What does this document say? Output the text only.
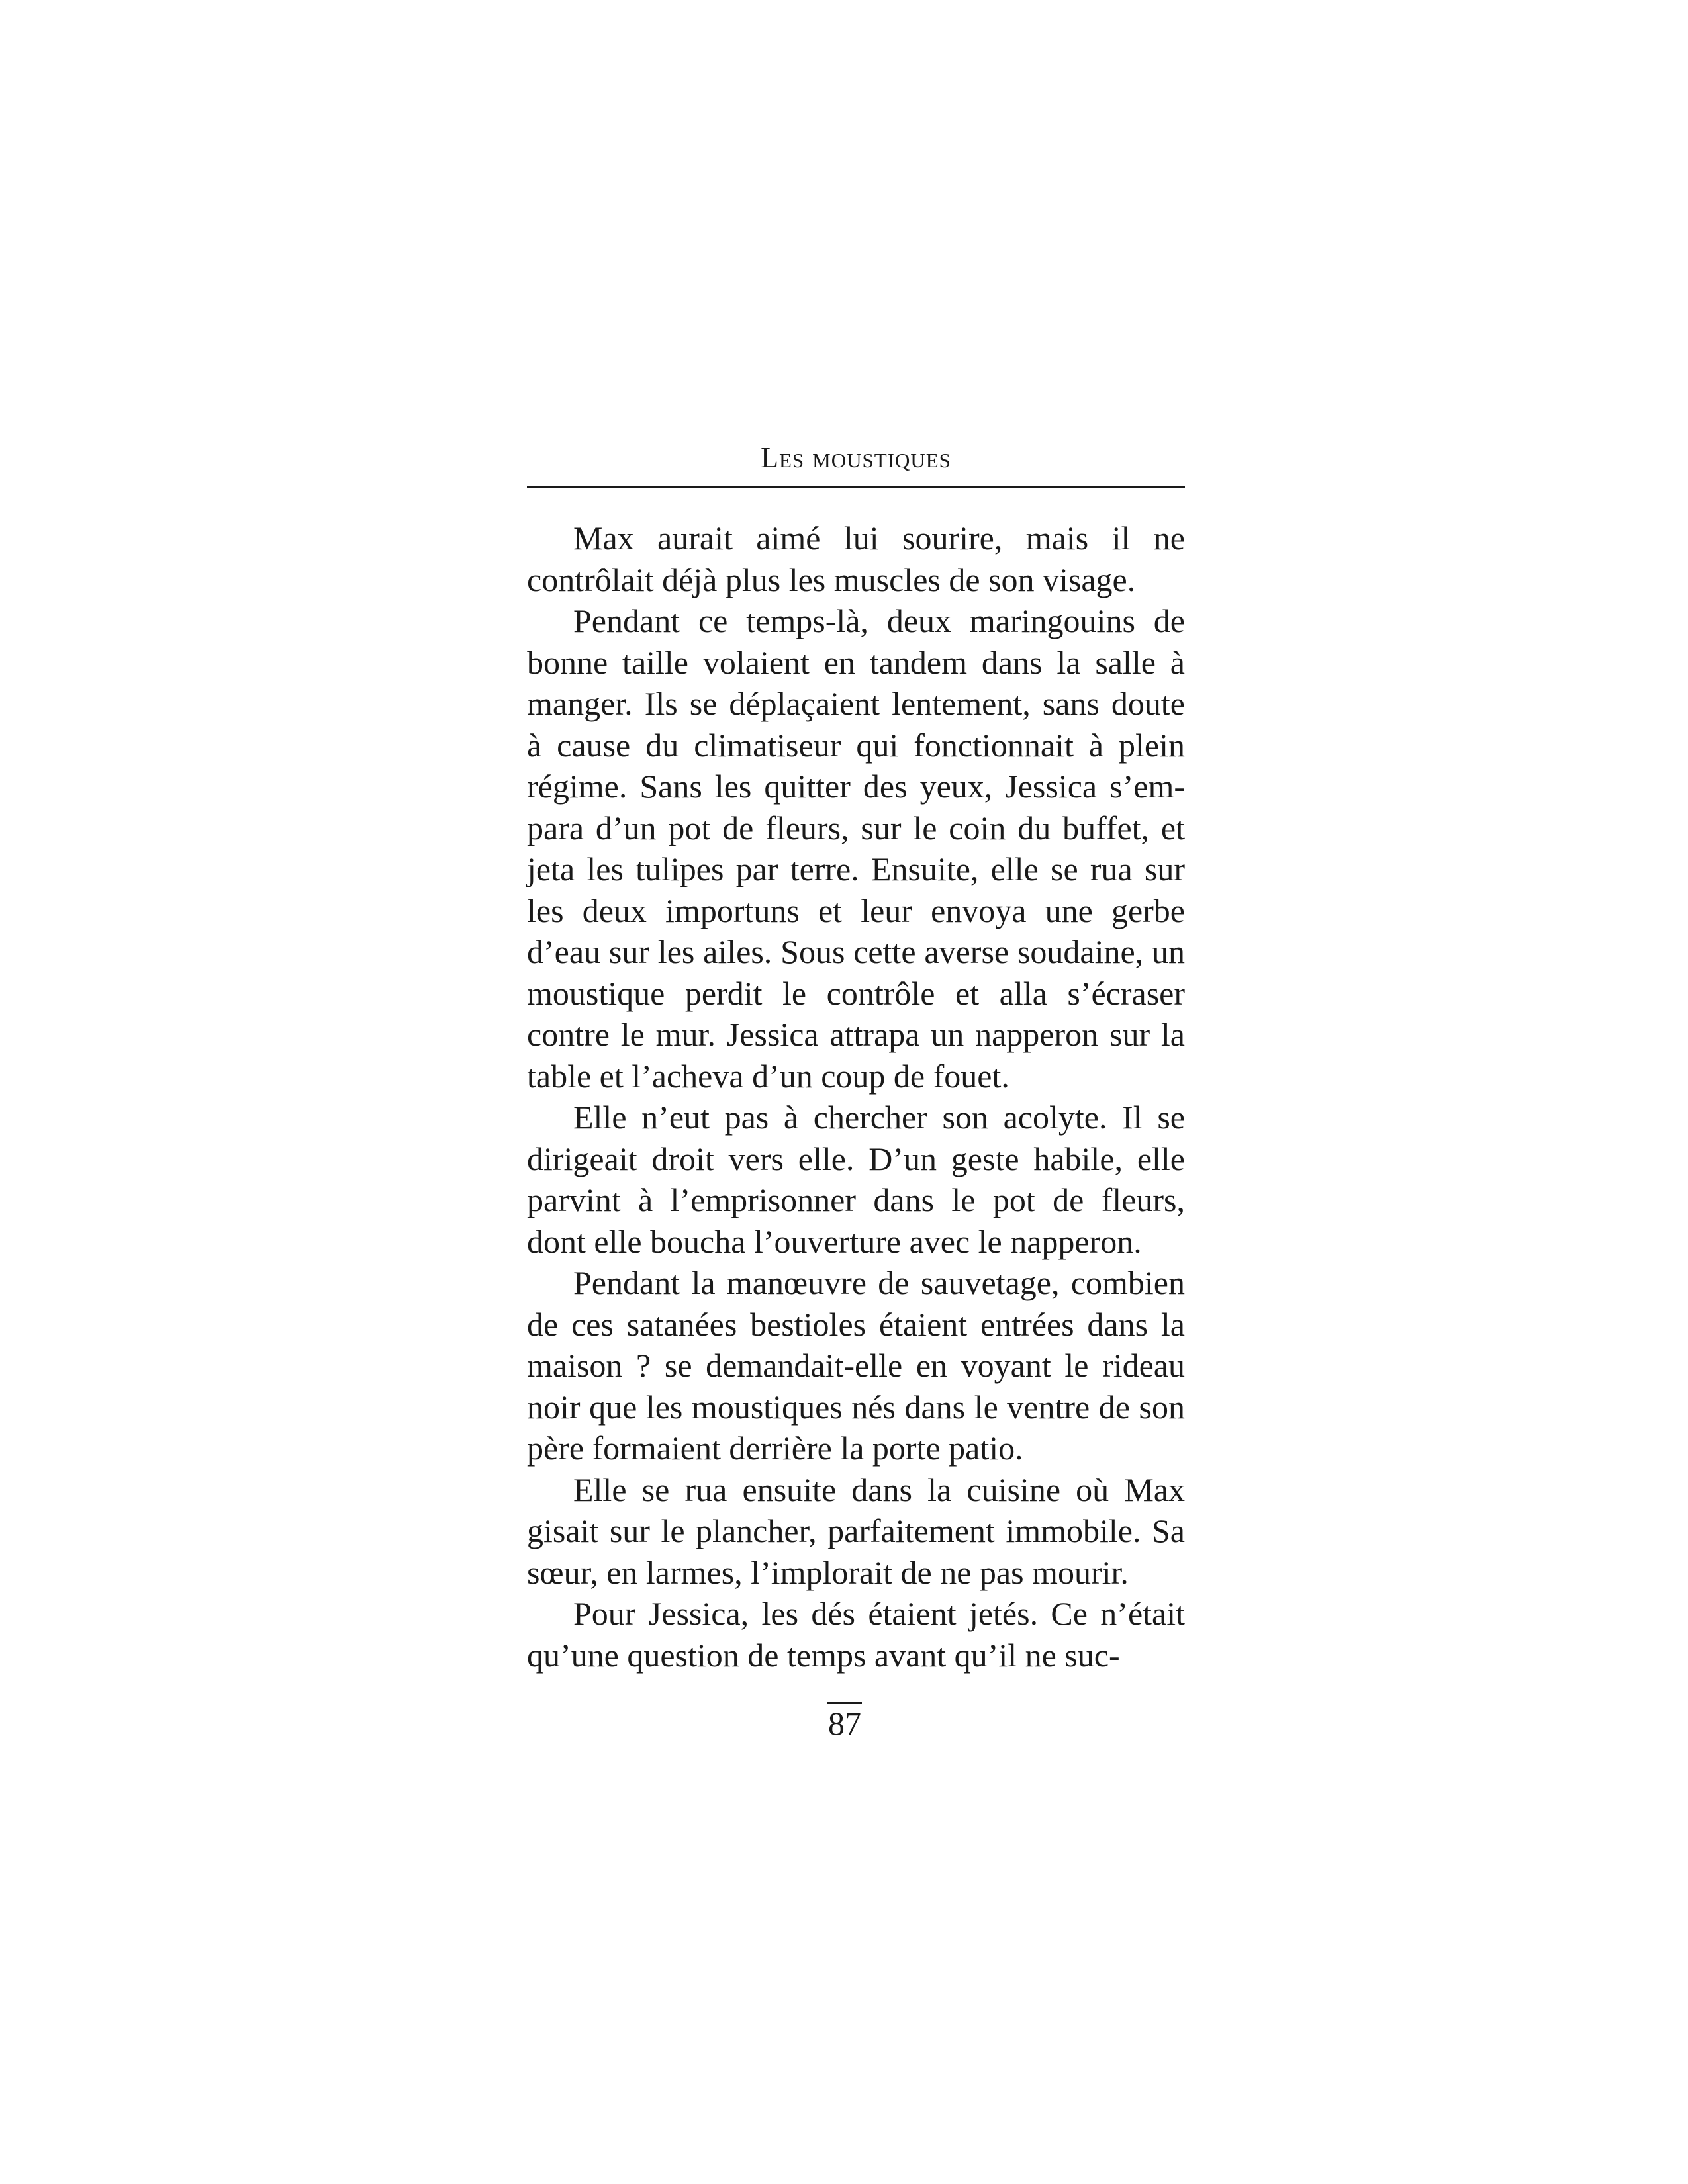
Les moustiques

Max aurait aimé lui sourire, mais il ne contrôlait déjà plus les muscles de son visage.

Pendant ce temps-là, deux maringouins de bonne taille volaient en tandem dans la salle à manger. Ils se déplaçaient lentement, sans doute à cause du climatiseur qui fonctionnait à plein régime. Sans les quitter des yeux, Jessica s’empara d’un pot de fleurs, sur le coin du buffet, et jeta les tulipes par terre. Ensuite, elle se rua sur les deux importuns et leur envoya une gerbe d’eau sur les ailes. Sous cette averse soudaine, un moustique perdit le contrôle et alla s’écraser contre le mur. Jessica attrapa un napperon sur la table et l’acheva d’un coup de fouet.

Elle n’eut pas à chercher son acolyte. Il se dirigeait droit vers elle. D’un geste habile, elle parvint à l’emprisonner dans le pot de fleurs, dont elle boucha l’ouverture avec le napperon.

Pendant la manœuvre de sauvetage, combien de ces satanées bestioles étaient entrées dans la maison ? se demandait-elle en voyant le rideau noir que les moustiques nés dans le ventre de son père formaient derrière la porte patio.

Elle se rua ensuite dans la cuisine où Max gisait sur le plancher, parfaitement immobile. Sa sœur, en larmes, l’implorait de ne pas mourir.

Pour Jessica, les dés étaient jetés. Ce n’était qu’une question de temps avant qu’il ne suc-

87
